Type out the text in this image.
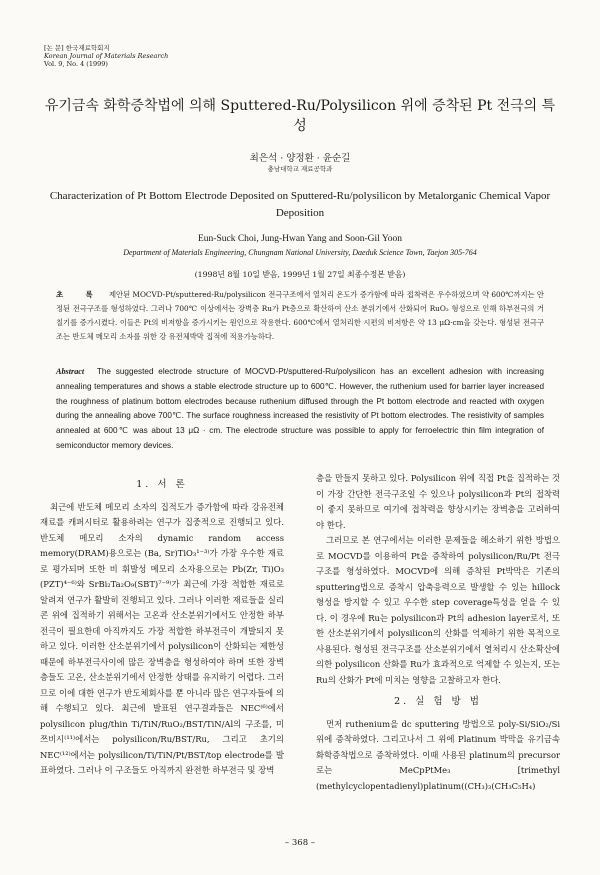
[논 문] 한국재료학회지
Korean Journal of Materials Research
Vol. 9, No. 4 (1999)
유기금속 화학증착법에 의해 Sputtered-Ru/Polysilicon 위에 증착된 Pt 전극의 특성
최은석 · 양정환 · 윤순길
충남대학교 재료공학과
Characterization of Pt Bottom Electrode Deposited on Sputtered-Ru/polysilicon by Metalorganic Chemical Vapor Deposition
Eun-Suck Choi, Jung-Hwan Yang and Soon-Gil Yoon
Department of Materials Engineering, Chungnam National University, Daeduk Science Town, Taejon 305-764
(1998년 8월 10일 받음, 1999년 1월 27일 최종수정본 받음)
초 록 제안된 MOCVD-Pt/sputtered-Ru/polysilicon 전극구조에서 열처리 온도가 증가함에 따라 접착력은 우수하였으며 약 600℃까지는 안정된 전극구조를 형성하였다. 그러나 700℃ 이상에서는 장벽층 Ru가 Pt층으로 확산하여 산소 분위기에서 산화되어 RuO₂ 형성으로 인해 하부전극의 거칠기를 증가시켰다. 이들은 Pt의 비저항을 증가시키는 원인으로 작용한다. 600℃에서 열처리한 시편의 비저항은 약 13 μΩ·cm을 갖는다. 형성된 전극구조는 반도체 메모리 소자를 위한 강 유전체박막 집적에 적용가능하다.
Abstract The suggested electrode structure of MOCVD-Pt/sputtered-Ru/polysilicon has an excellent adhesion with increasing annealing temperatures and shows a stable electrode structure up to 600℃. However, the ruthenium used for barrier layer increased the roughness of platinum bottom electrodes because ruthenium diffused through the Pt bottom electrode and reacted with oxygen during the annealing above 700℃. The surface roughness increased the resistivity of Pt bottom electrodes. The resistivity of samples annealed at 600℃ was about 13 μΩ · cm. The electrode structure was possible to apply for ferroelectric thin film integration of semiconductor memory devices.
1. 서 론

최근에 반도체 메모리 소자의 집적도가 증가함에 따라 강유전체재료를 캐퍼시터로 활용하려는 연구가 집중적으로 진행되고 있다. 반도체 메모리 소자의 dynamic random access memory(DRAM)용으로는 (Ba, Sr)TiO₃¹⁻³⁾가 가장 우수한 재료로 평가되며 또한 비 휘발성 메모리 소자용으로는 Pb(Zr, Ti)O₃ (PZT)⁴⁻⁶⁾와 SrBi₂Ta₂O₉(SBT)⁷⁻⁹⁾가 최근에 가장 적합한 재료로 알려져 연구가 활발히 진행되고 있다. 그러나 이러한 재료들을 실리콘 위에 집적하기 위해서는 고온과 산소분위기에서도 안정한 하부전극이 필요한데 아직까지도 가장 적합한 하부전극이 개발되지 못하고 있다. 이러한 산소분위기에서 polysilicon이 산화되는 제한성 때문에 하부전극사이에 많은 장벽층을 형성하여야 하며 또한 장벽층들도 고온, 산소분위기에서 안정한 상태를 유지하기 어렵다. 그러므로 이에 대한 연구가 반도체회사를 뿐 아니라 많은 연구자들에 의해 수행되고 있다. 최근에 발표된 연구결과들은 NEC⁽⁶⁾에서 polysilicon plug/thin Ti/TiN/RuO₂/BST/TiN/Al의 구조를, 미쯔비시⁽¹¹⁾에서는 polysilicon/Ru/BST/Ru, 그리고 초기의 NEC⁽¹²⁾에서는 polysilicon/Ti/TiN/Pt/BST/top electrode를 발표하였다. 그러나 이 구조들도 아직까지 완전한 하부전극 및 장벽

층을 만들지 못하고 있다. Polysilicon 위에 직접 Pt을 집적하는 것이 가장 간단한 전극구조일 수 있으나 polysilicon과 Pt의 접착력이 좋지 못하므로 여기에 접착력을 향상시키는 장벽층을 고려하여야 한다.

그러므로 본 연구에서는 이러한 문제들을 해소하기 위한 방법으로 MOCVD를 이용하여 Pt을 증착하여 polysilicon/Ru/Pt 전극구조를 형성하였다. MOCVD에 의해 증착된 Pt박막은 기존의 sputtering법으로 증착시 압축응력으로 발생할 수 있는 hillock 형성을 방지할 수 있고 우수한 step coverage특성을 얻을 수 있다. 이 경우에 Ru는 polysilicon과 Pt의 adhesion layer로서, 또한 산소분위기에서 polysilicon의 산화를 억제하기 위한 목적으로 사용된다. 형성된 전극구조를 산소분위기에서 열처리시 산소확산에 의한 polysilicon 산화를 Ru가 효과적으로 억제할 수 있는지, 또는 Ru의 산화가 Pt에 미치는 영향을 고찰하고자 한다.

2. 실 험 방 법

먼저 ruthenium을 dc sputtering 방법으로 poly-Si/SiO₂/Si위에 증착하였다. 그리고나서 그 위에 Platinum 박막을 유기금속 화학증착법으로 증착하였다. 이때 사용된 platinum의 precursor로는 MeCpPtMe₃ [trimethyl (methylcyclopentadienyl)platinum((CH₃)₃(CH₃C₅H₄)

– 368 –
